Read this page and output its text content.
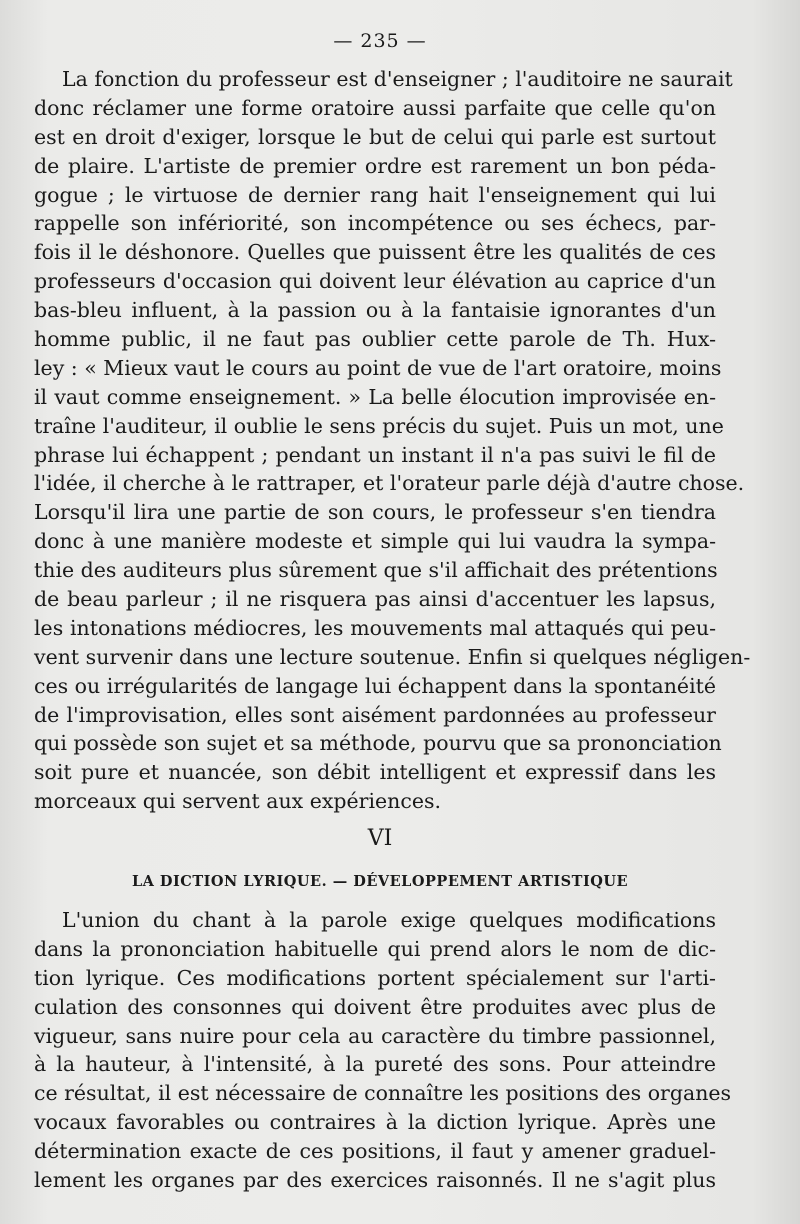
— 235 —
La fonction du professeur est d'enseigner ; l'auditoire ne saurait
donc réclamer une forme oratoire aussi parfaite que celle qu'on
est en droit d'exiger, lorsque le but de celui qui parle est surtout
de plaire. L'artiste de premier ordre est rarement un bon péda-
gogue ; le virtuose de dernier rang hait l'enseignement qui lui
rappelle son infériorité, son incompétence ou ses échecs, par-
fois il le déshonore. Quelles que puissent être les qualités de ces
professeurs d'occasion qui doivent leur élévation au caprice d'un
bas-bleu influent, à la passion ou à la fantaisie ignorantes d'un
homme public, il ne faut pas oublier cette parole de Th. Hux-
ley : « Mieux vaut le cours au point de vue de l'art oratoire, moins
il vaut comme enseignement. » La belle élocution improvisée en-
traîne l'auditeur, il oublie le sens précis du sujet. Puis un mot, une
phrase lui échappent ; pendant un instant il n'a pas suivi le fil de
l'idée, il cherche à le rattraper, et l'orateur parle déjà d'autre chose.
Lorsqu'il lira une partie de son cours, le professeur s'en tiendra
donc à une manière modeste et simple qui lui vaudra la sympa-
thie des auditeurs plus sûrement que s'il affichait des prétentions
de beau parleur ; il ne risquera pas ainsi d'accentuer les lapsus,
les intonations médiocres, les mouvements mal attaqués qui peu-
vent survenir dans une lecture soutenue. Enfin si quelques négligen-
ces ou irrégularités de langage lui échappent dans la spontanéité
de l'improvisation, elles sont aisément pardonnées au professeur
qui possède son sujet et sa méthode, pourvu que sa prononciation
soit pure et nuancée, son débit intelligent et expressif dans les
morceaux qui servent aux expériences.
VI
LA DICTION LYRIQUE. — DÉVELOPPEMENT ARTISTIQUE
L'union du chant à la parole exige quelques modifications
dans la prononciation habituelle qui prend alors le nom de dic-
tion lyrique. Ces modifications portent spécialement sur l'arti-
culation des consonnes qui doivent être produites avec plus de
vigueur, sans nuire pour cela au caractère du timbre passionnel,
à la hauteur, à l'intensité, à la pureté des sons. Pour atteindre
ce résultat, il est nécessaire de connaître les positions des organes
vocaux favorables ou contraires à la diction lyrique. Après une
détermination exacte de ces positions, il faut y amener graduel-
lement les organes par des exercices raisonnés. Il ne s'agit plus
